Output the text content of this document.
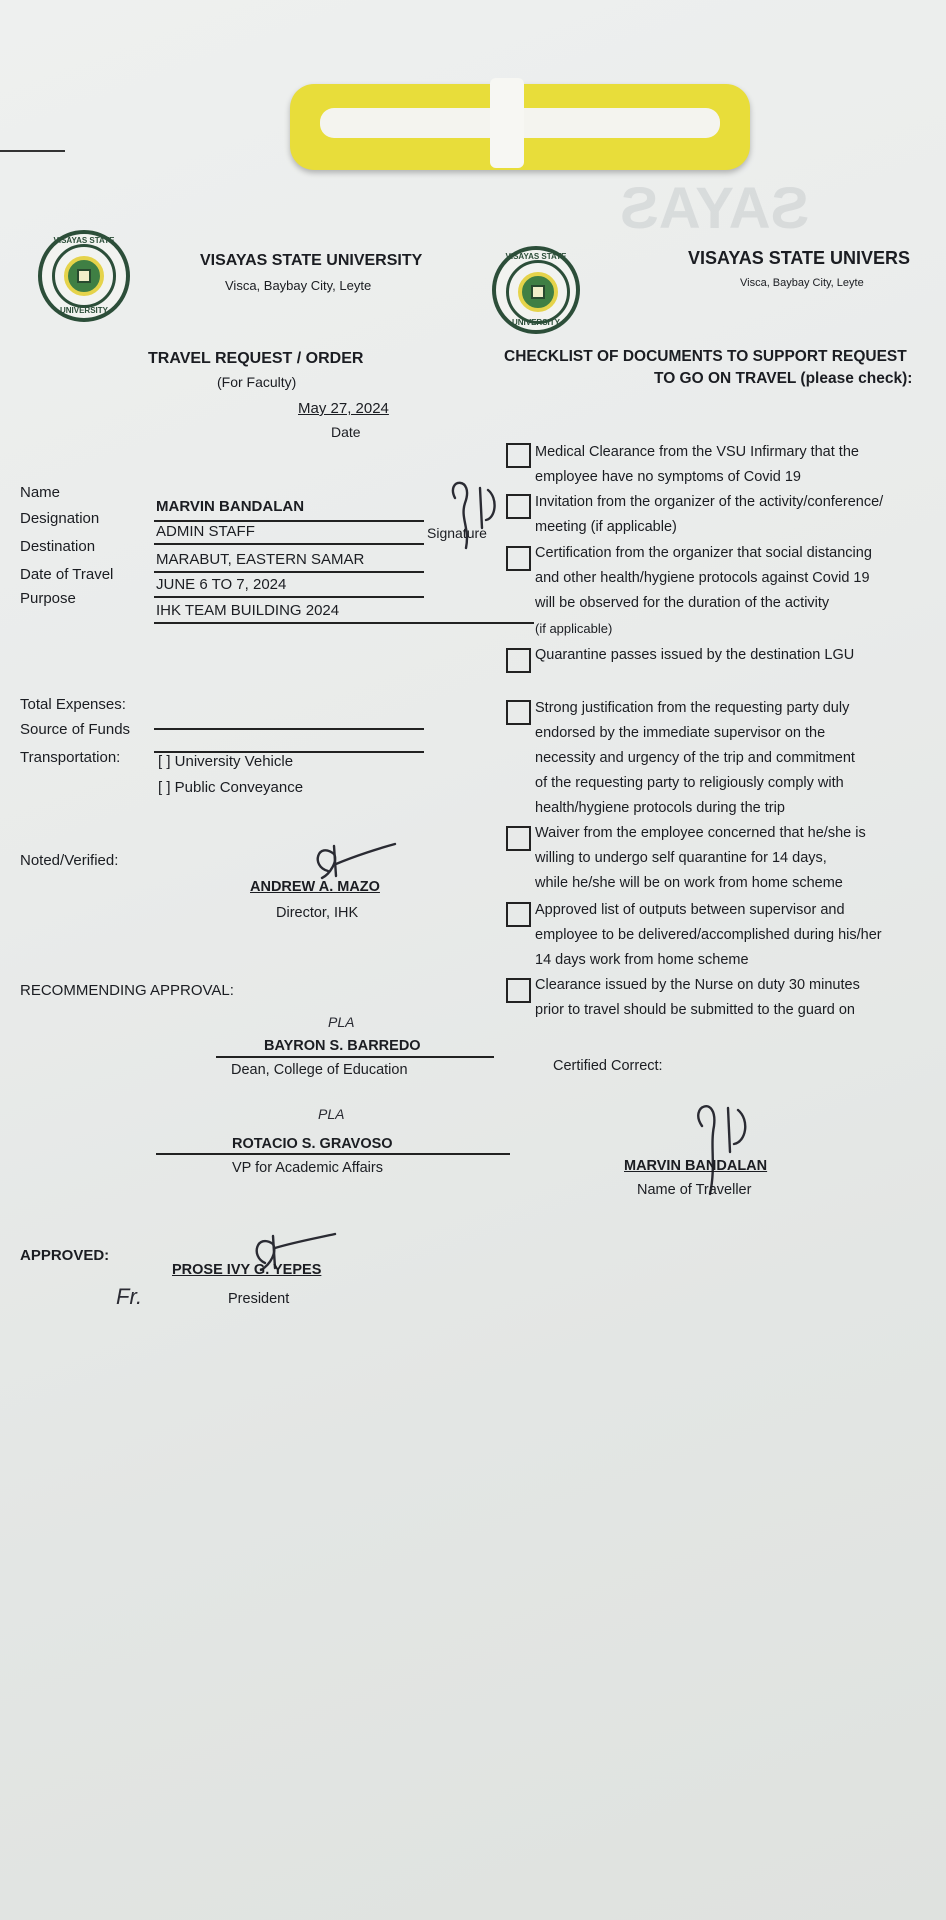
SAYAS
VISAYAS STATE
UNIVERSITY
VISAYAS STATE UNIVERSITY
Visca, Baybay City, Leyte
VISAYAS STATE
UNIVERSITY
VISAYAS STATE UNIVERS
Visca, Baybay City, Leyte
TRAVEL REQUEST / ORDER
(For Faculty)
May 27, 2024
Date
Name
MARVIN BANDALAN
Designation
ADMIN STAFF	Signature
Destination
MARABUT, EASTERN SAMAR
Date of Travel
JUNE 6 TO 7, 2024
Purpose
IHK TEAM BUILDING 2024
Total Expenses:
Source of Funds
Transportation:	[ ] University Vehicle
[ ] Public Conveyance
Noted/Verified:
ANDREW A. MAZO
Director, IHK
RECOMMENDING APPROVAL:
PLA
BAYRON S. BARREDO
Dean, College of Education
PLA
ROTACIO S. GRAVOSO
VP for Academic Affairs
APPROVED:
Fr.
PROSE IVY G. YEPES
President
CHECKLIST OF DOCUMENTS TO SUPPORT REQUEST
TO GO ON TRAVEL (please check):
Medical Clearance from the VSU Infirmary that the
employee have no symptoms of Covid 19
Invitation from the organizer of the activity/conference/
meeting (if applicable)
Certification from the organizer that social distancing
and other health/hygiene protocols against Covid 19
will be observed for the duration of the activity
(if applicable)
Quarantine passes issued by the destination LGU
Strong justification from the requesting party duly
endorsed by the immediate supervisor on the
necessity and urgency of the trip and commitment
of the requesting party to religiously comply with
health/hygiene protocols during the trip
Waiver from the employee concerned that he/she is
willing to undergo self quarantine for 14 days,
while he/she will be on work from home scheme
Approved list of outputs between supervisor and
employee to be delivered/accomplished during his/her
14 days work from home scheme
Clearance issued by the Nurse on duty 30 minutes
prior to travel should be submitted to the guard on
Certified Correct:
MARVIN BANDALAN
Name of Traveller
